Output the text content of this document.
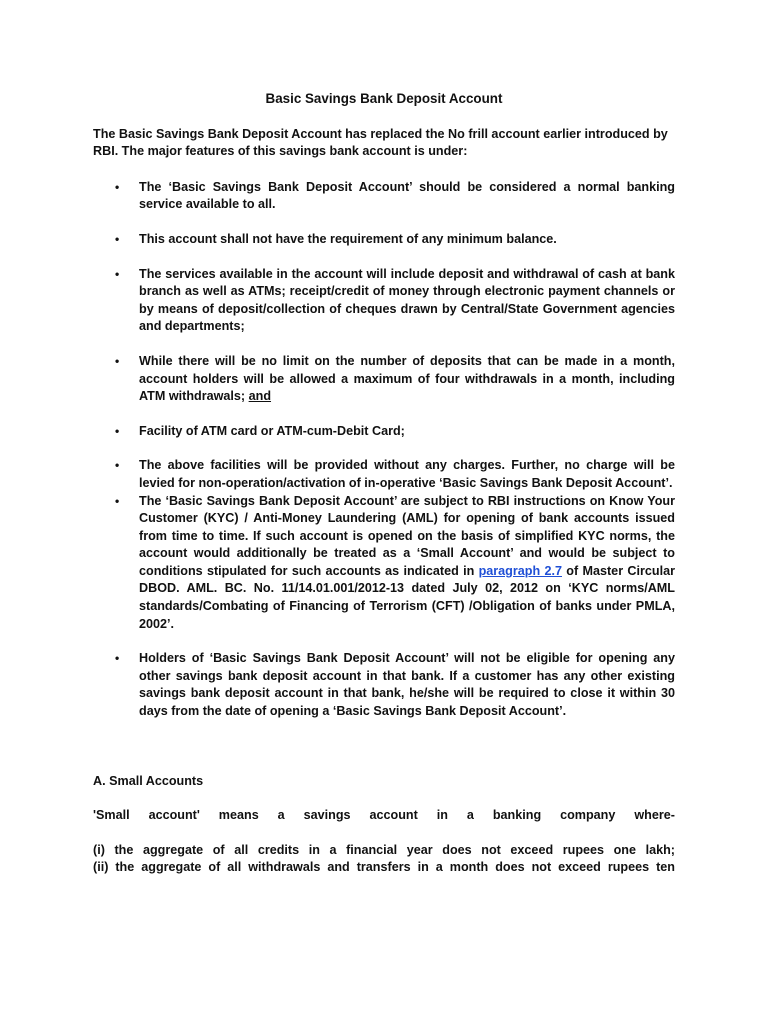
Basic Savings Bank Deposit Account

The Basic Savings Bank Deposit Account has replaced the No frill account earlier introduced by RBI. The major features of this savings bank account is under:

• The ‘Basic Savings Bank Deposit Account’ should be considered a normal banking service available to all.
• This account shall not have the requirement of any minimum balance.
• The services available in the account will include deposit and withdrawal of cash at bank branch as well as ATMs; receipt/credit of money through electronic payment channels or by means of deposit/collection of cheques drawn by Central/State Government agencies and departments;
• While there will be no limit on the number of deposits that can be made in a month, account holders will be allowed a maximum of four withdrawals in a month, including ATM withdrawals; and
• Facility of ATM card or ATM-cum-Debit Card;
• The above facilities will be provided without any charges. Further, no charge will be levied for non-operation/activation of in-operative ‘Basic Savings Bank Deposit Account’.
• The ‘Basic Savings Bank Deposit Account’ are subject to RBI instructions on Know Your Customer (KYC) / Anti-Money Laundering (AML) for opening of bank accounts issued from time to time. If such account is opened on the basis of simplified KYC norms, the account would additionally be treated as a ‘Small Account’ and would be subject to conditions stipulated for such accounts as indicated in paragraph 2.7 of Master Circular DBOD. AML. BC. No. 11/14.01.001/2012-13 dated July 02, 2012 on ‘KYC norms/AML standards/Combating of Financing of Terrorism (CFT) /Obligation of banks under PMLA, 2002’.
• Holders of ‘Basic Savings Bank Deposit Account’ will not be eligible for opening any other savings bank deposit account in that bank. If a customer has any other existing savings bank deposit account in that bank, he/she will be required to close it within 30 days from the date of opening a ‘Basic Savings Bank Deposit Account’.
A. Small Accounts
'Small account' means a savings account in a banking company where-

(i) the aggregate of all credits in a financial year does not exceed rupees one lakh;

(ii) the aggregate of all withdrawals and transfers in a month does not exceed rupees ten
